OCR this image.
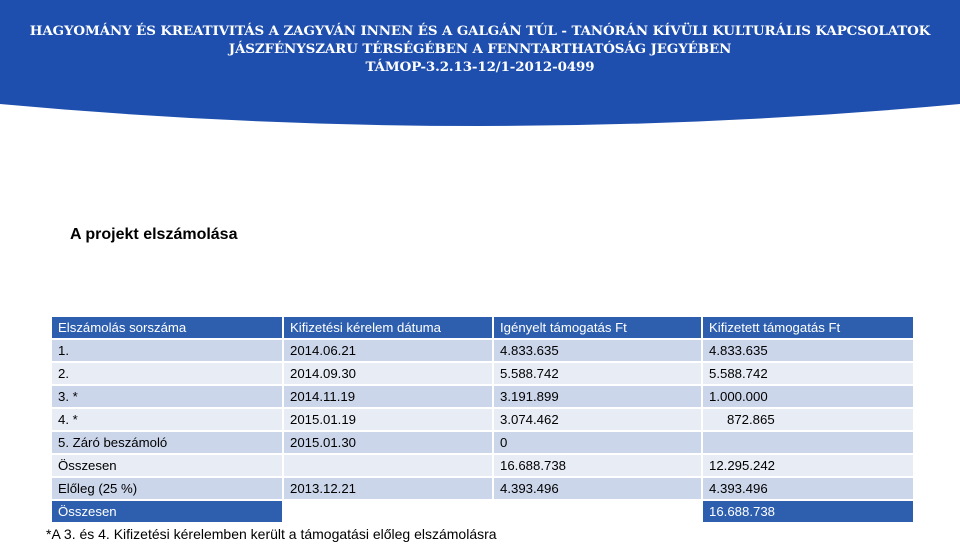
HAGYOMÁNY ÉS KREATIVITÁS A ZAGYVÁN INNEN ÉS A GALGÁN TÚL - TANÓRÁN KÍVÜLI KULTURÁLIS KAPCSOLATOK
JÁSZFÉNYSZARU TÉRSÉGÉBEN A FENNTARTHATÓSÁG JEGYÉBEN
TÁMOP-3.2.13-12/1-2012-0499
A projekt elszámolása
Elszámolás sorszáma	Kifizetési kérelem dátuma	Igényelt támogatás Ft	Kifizetett támogatás Ft
1.	2014.06.21	4.833.635	4.833.635
2.	2014.09.30	5.588.742	5.588.742
3. *	2014.11.19	3.191.899	1.000.000
4. *	2015.01.19	3.074.462	872.865
5. Záró beszámoló	2015.01.30	0	
Összesen		16.688.738	12.295.242
Előleg (25 %)	2013.12.21	4.393.496	4.393.496
Összesen			16.688.738
*A 3. és 4. Kifizetési kérelemben került a támogatási előleg elszámolásra
